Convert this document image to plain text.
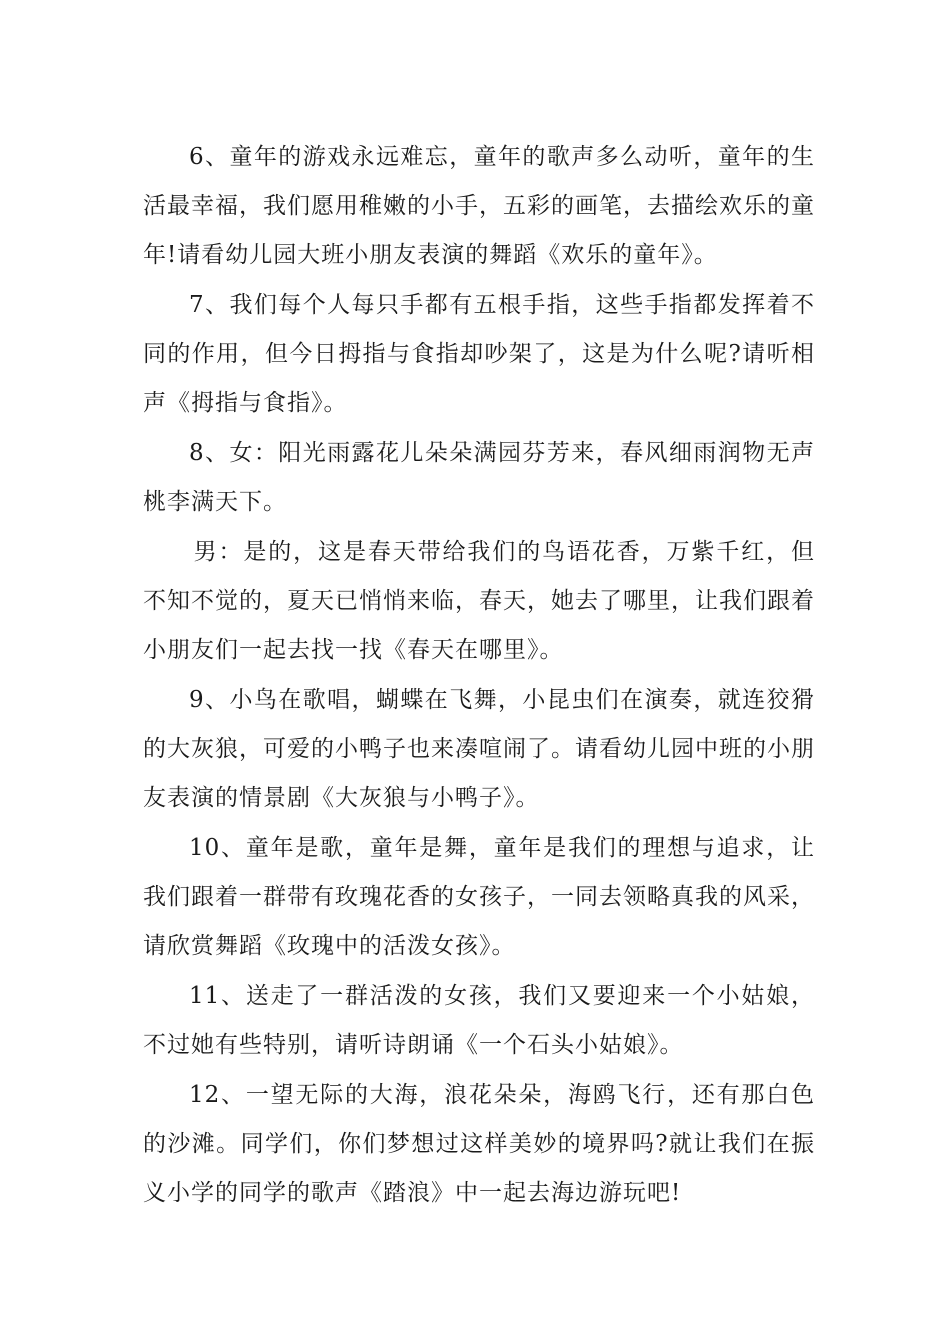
6、童年的游戏永远难忘，童年的歌声多么动听，童年的生活最幸福，我们愿用稚嫩的小手，五彩的画笔，去描绘欢乐的童年!请看幼儿园大班小朋友表演的舞蹈《欢乐的童年》。

7、我们每个人每只手都有五根手指，这些手指都发挥着不同的作用，但今日拇指与食指却吵架了，这是为什么呢?请听相声《拇指与食指》。

8、女：阳光雨露花儿朵朵满园芬芳来，春风细雨润物无声桃李满天下。

男：是的，这是春天带给我们的鸟语花香，万紫千红，但不知不觉的，夏天已悄悄来临，春天，她去了哪里，让我们跟着小朋友们一起去找一找《春天在哪里》。

9、小鸟在歌唱，蝴蝶在飞舞，小昆虫们在演奏，就连狡猾的大灰狼，可爱的小鸭子也来凑喧闹了。请看幼儿园中班的小朋友表演的情景剧《大灰狼与小鸭子》。

10、童年是歌，童年是舞，童年是我们的理想与追求，让我们跟着一群带有玫瑰花香的女孩子，一同去领略真我的风采，请欣赏舞蹈《玫瑰中的活泼女孩》。

11、送走了一群活泼的女孩，我们又要迎来一个小姑娘，不过她有些特别，请听诗朗诵《一个石头小姑娘》。

12、一望无际的大海，浪花朵朵，海鸥飞行，还有那白色的沙滩。同学们，你们梦想过这样美妙的境界吗?就让我们在振义小学的同学的歌声《踏浪》中一起去海边游玩吧!
